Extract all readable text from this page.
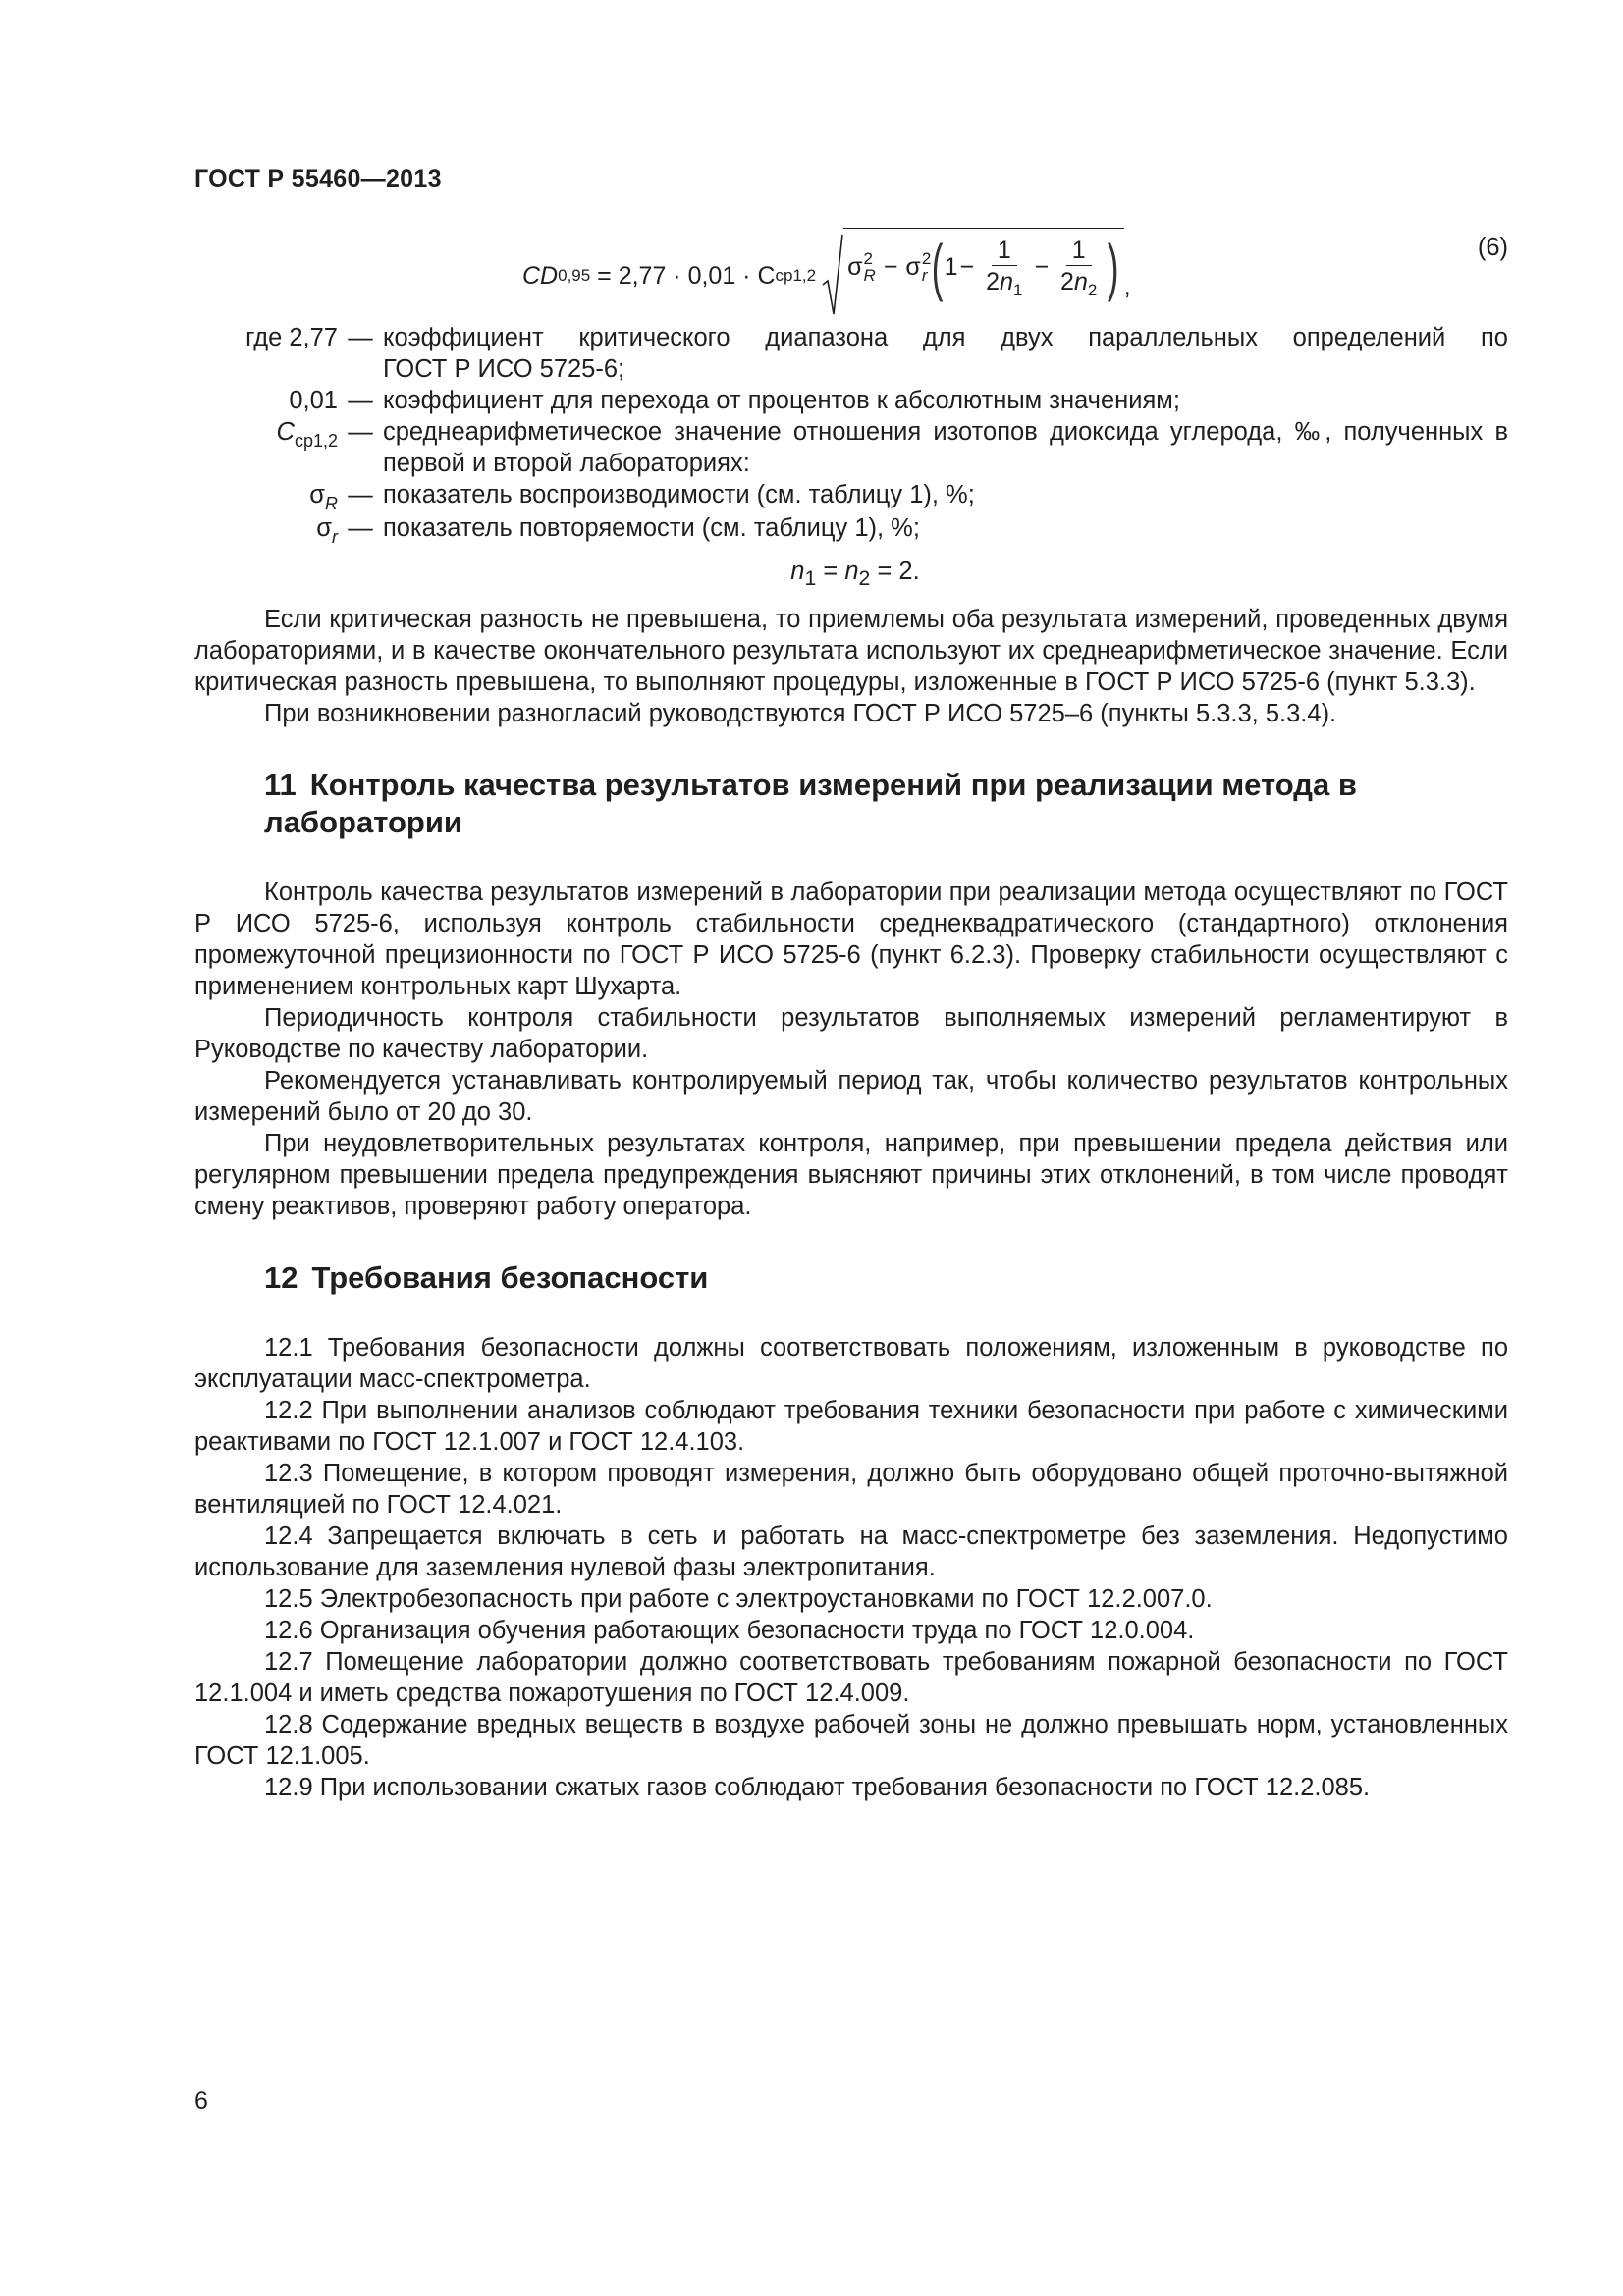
ГОСТ Р 55460—2013
CD 0,95 = 2,77 · 0,01 · C ср1,2 σ 2
R − σ 2
r ( $1 - \frac{1}{2n_1} - \frac{1}{2n_2}$ ) ,
(6)
где 2,77 — коэффициент критического диапазона для двух параллельных определений по
ГОСТ Р ИСО 5725-6;
0,01 — коэффициент для перехода от процентов к абсолютным значениям;
$С_{ср1,2}$ — среднеарифметическое значение отношения изотопов диоксида углерода, ‰, полученных в
первой и второй лабораториях:
$\sigma_R$ — показатель воспроизводимости (см. таблицу 1), %;
$\sigma_r$ — показатель повторяемости (см. таблицу 1), %;
$n_1 = n_2 = 2$.

Если критическая разность не превышена, то приемлемы оба результата измерений, проведенных двумя лабораториями, и в качестве окончательного результата используют их среднеарифметическое значение. Если критическая разность превышена, то выполняют процедуры, изложенные в ГОСТ Р ИСО 5725-6 (пункт 5.3.3).

При возникновении разногласий руководствуются ГОСТ Р ИСО 5725–6 (пункты 5.3.3, 5.3.4).

11 Контроль качества результатов измерений при реализации метода в лаборатории

Контроль качества результатов измерений в лаборатории при реализации метода осуществляют по ГОСТ Р ИСО 5725-6, используя контроль стабильности среднеквадратического (стандартного) отклонения промежуточной прецизионности по ГОСТ Р ИСО 5725-6 (пункт 6.2.3). Проверку стабильности осуществляют с применением контрольных карт Шухарта.

Периодичность контроля стабильности результатов выполняемых измерений регламентируют в Руководстве по качеству лаборатории.

Рекомендуется устанавливать контролируемый период так, чтобы количество результатов контрольных измерений было от 20 до 30.

При неудовлетворительных результатах контроля, например, при превышении предела действия или регулярном превышении предела предупреждения выясняют причины этих отклонений, в том числе проводят смену реактивов, проверяют работу оператора.

12 Требования безопасности

12.1 Требования безопасности должны соответствовать положениям, изложенным в руководстве по эксплуатации масс-спектрометра.

12.2 При выполнении анализов соблюдают требования техники безопасности при работе с химическими реактивами по ГОСТ 12.1.007 и ГОСТ 12.4.103.

12.3 Помещение, в котором проводят измерения, должно быть оборудовано общей проточно-вытяжной вентиляцией по ГОСТ 12.4.021.

12.4 Запрещается включать в сеть и работать на масс-спектрометре без заземления. Недопустимо использование для заземления нулевой фазы электропитания.

12.5 Электробезопасность при работе с электроустановками по ГОСТ 12.2.007.0.

12.6 Организация обучения работающих безопасности труда по ГОСТ 12.0.004.

12.7 Помещение лаборатории должно соответствовать требованиям пожарной безопасности по ГОСТ 12.1.004 и иметь средства пожаротушения по ГОСТ 12.4.009.

12.8 Содержание вредных веществ в воздухе рабочей зоны не должно превышать норм, установленных ГОСТ 12.1.005.

12.9 При использовании сжатых газов соблюдают требования безопасности по ГОСТ 12.2.085.

6
